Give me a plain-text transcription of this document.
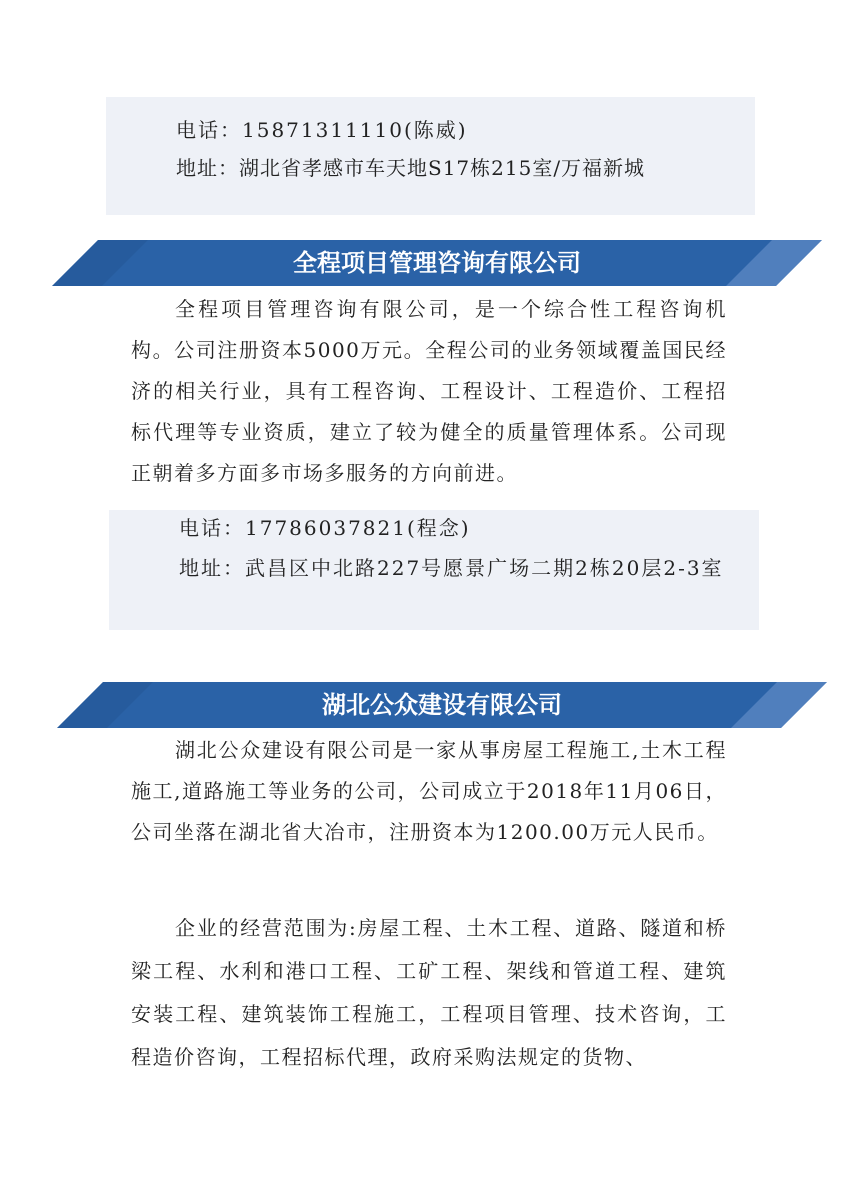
电话：15871311110(陈威)
地址：湖北省孝感市车天地S17栋215室/万福新城
全程项目管理咨询有限公司

全程项目管理咨询有限公司，是一个综合性工程咨询机构。公司注册资本5000万元。全程公司的业务领域覆盖国民经济的相关行业，具有工程咨询、工程设计、工程造价、工程招标代理等专业资质，建立了较为健全的质量管理体系。公司现正朝着多方面多市场多服务的方向前进。

电话：17786037821(程念)
地址：武昌区中北路227号愿景广场二期2栋20层2-3室
湖北公众建设有限公司

湖北公众建设有限公司是一家从事房屋工程施工,土木工程施工,道路施工等业务的公司，公司成立于2018年11月06日，公司坐落在湖北省大冶市，注册资本为1200.00万元人民币。

企业的经营范围为:房屋工程、土木工程、道路、隧道和桥梁工程、水利和港口工程、工矿工程、架线和管道工程、建筑安装工程、建筑装饰工程施工，工程项目管理、技术咨询，工程造价咨询，工程招标代理，政府采购法规定的货物、
